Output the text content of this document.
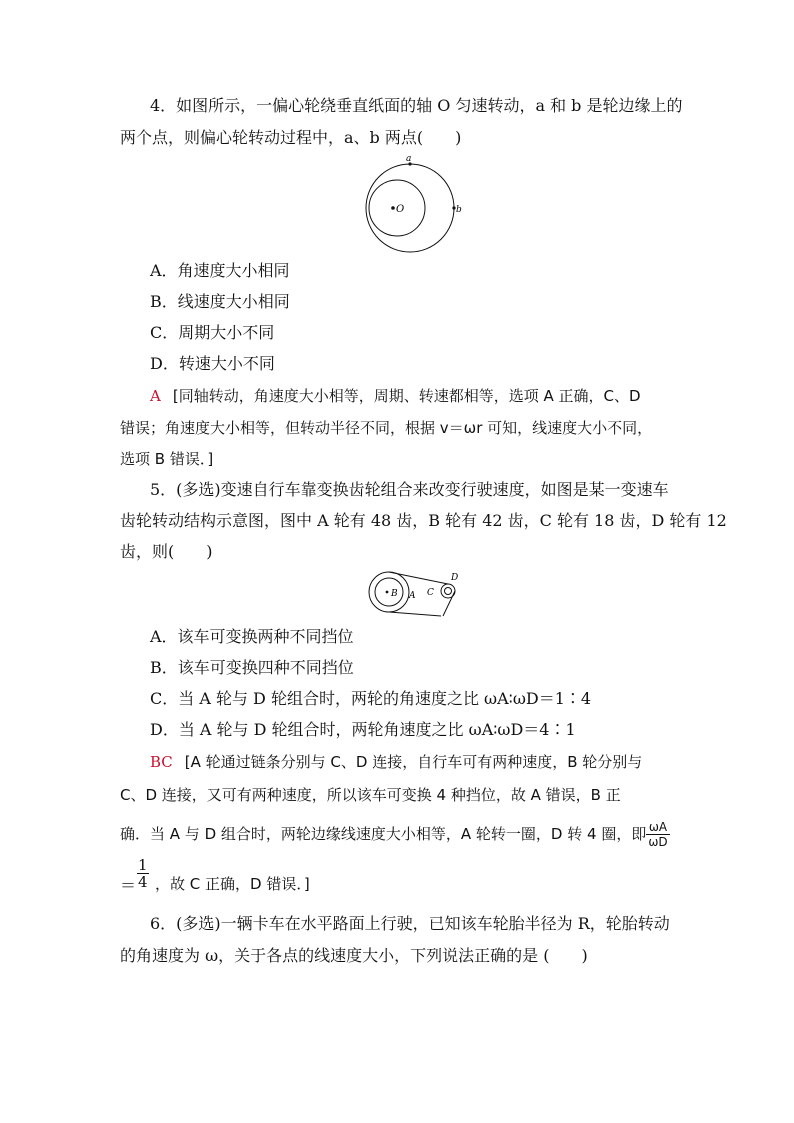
4．如图所示，一偏心轮绕垂直纸面的轴 O 匀速转动，a 和 b 是轮边缘上的
两个点，则偏心轮转动过程中，a、b 两点(　　)
O
a
b
A．角速度大小相同
B．线速度大小相同
C．周期大小不同
D．转速大小不同
A [同轴转动，角速度大小相等，周期、转速都相等，选项 A 正确，C、D
错误；角速度大小相等，但转动半径不同，根据 v＝ωr 可知，线速度大小不同，
选项 B 错误．]
5．(多选)变速自行车靠变换齿轮组合来改变行驶速度，如图是某一变速车
齿轮转动结构示意图，图中 A 轮有 48 齿，B 轮有 42 齿，C 轮有 18 齿，D 轮有 12
齿，则(　　)
B A C
D
A．该车可变换两种不同挡位
B．该车可变换四种不同挡位
C．当 A 轮与 D 轮组合时，两轮的角速度之比 ωA∶ωD＝1∶4
D．当 A 轮与 D 轮组合时，两轮角速度之比 ωA∶ωD＝4∶1
BC [A 轮通过链条分别与 C、D 连接，自行车可有两种速度，B 轮分别与
C、D 连接，又可有两种速度，所以该车可变换 4 种挡位，故 A 错误，B 正
确．当 A 与 D 组合时，两轮边缘线速度大小相等，A 轮转一圈，D 转 4 圈，即 $\frac{\omega A}{\omega D}$
＝ $\frac{1}{4}$ ，故 C 正确，D 错误．]
6．(多选)一辆卡车在水平路面上行驶，已知该车轮胎半径为 R，轮胎转动
的角速度为 ω，关于各点的线速度大小，下列说法正确的是 (　　)
